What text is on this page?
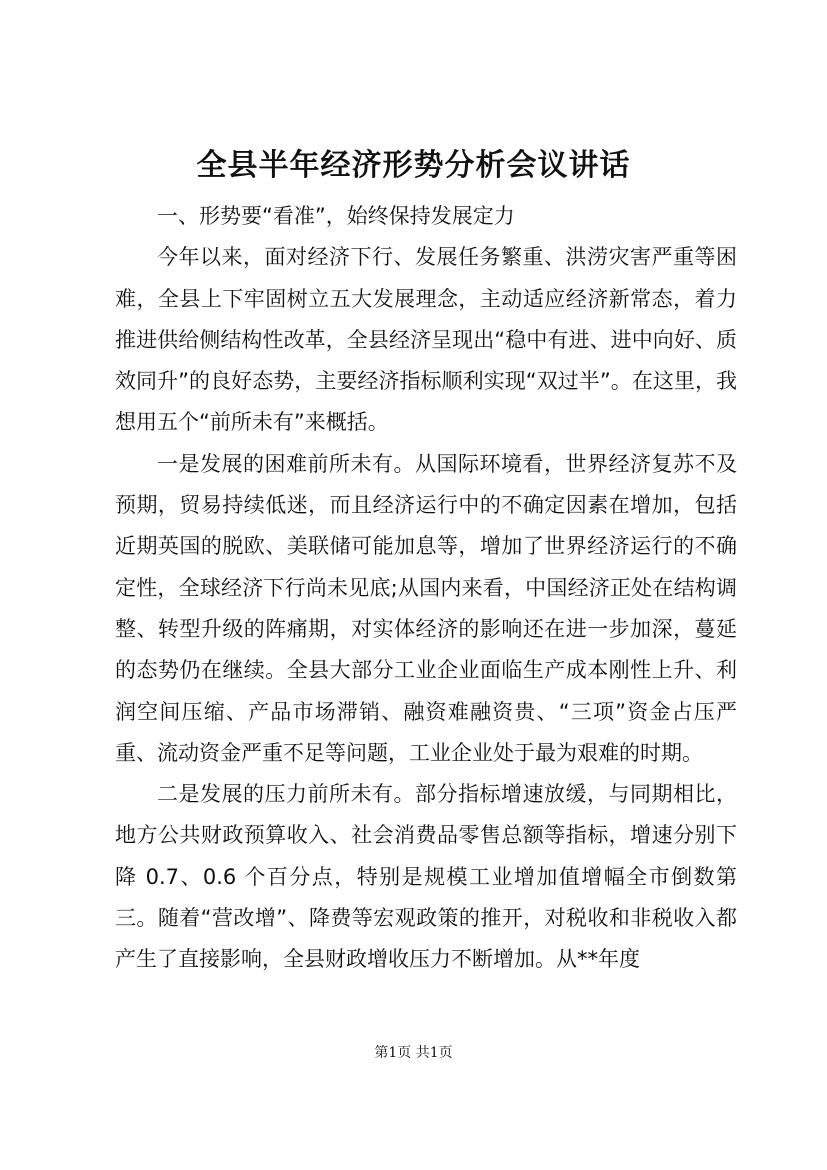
全县半年经济形势分析会议讲话

一、形势要“看准”，始终保持发展定力

今年以来，面对经济下行、发展任务繁重、洪涝灾害严重等困难，全县上下牢固树立五大发展理念，主动适应经济新常态，着力推进供给侧结构性改革，全县经济呈现出“稳中有进、进中向好、质效同升”的良好态势，主要经济指标顺利实现“双过半”。在这里，我想用五个“前所未有”来概括。

一是发展的困难前所未有。从国际环境看，世界经济复苏不及预期，贸易持续低迷，而且经济运行中的不确定因素在增加，包括近期英国的脱欧、美联储可能加息等，增加了世界经济运行的不确定性，全球经济下行尚未见底;从国内来看，中国经济正处在结构调整、转型升级的阵痛期，对实体经济的影响还在进一步加深，蔓延的态势仍在继续。全县大部分工业企业面临生产成本刚性上升、利润空间压缩、产品市场滞销、融资难融资贵、“三项”资金占压严重、流动资金严重不足等问题，工业企业处于最为艰难的时期。

二是发展的压力前所未有。部分指标增速放缓，与同期相比，地方公共财政预算收入、社会消费品零售总额等指标，增速分别下降 0.7、0.6 个百分点，特别是规模工业增加值增幅全市倒数第三。随着“营改增”、降费等宏观政策的推开，对税收和非税收入都产生了直接影响，全县财政增收压力不断增加。从**年度

第1页 共1页
